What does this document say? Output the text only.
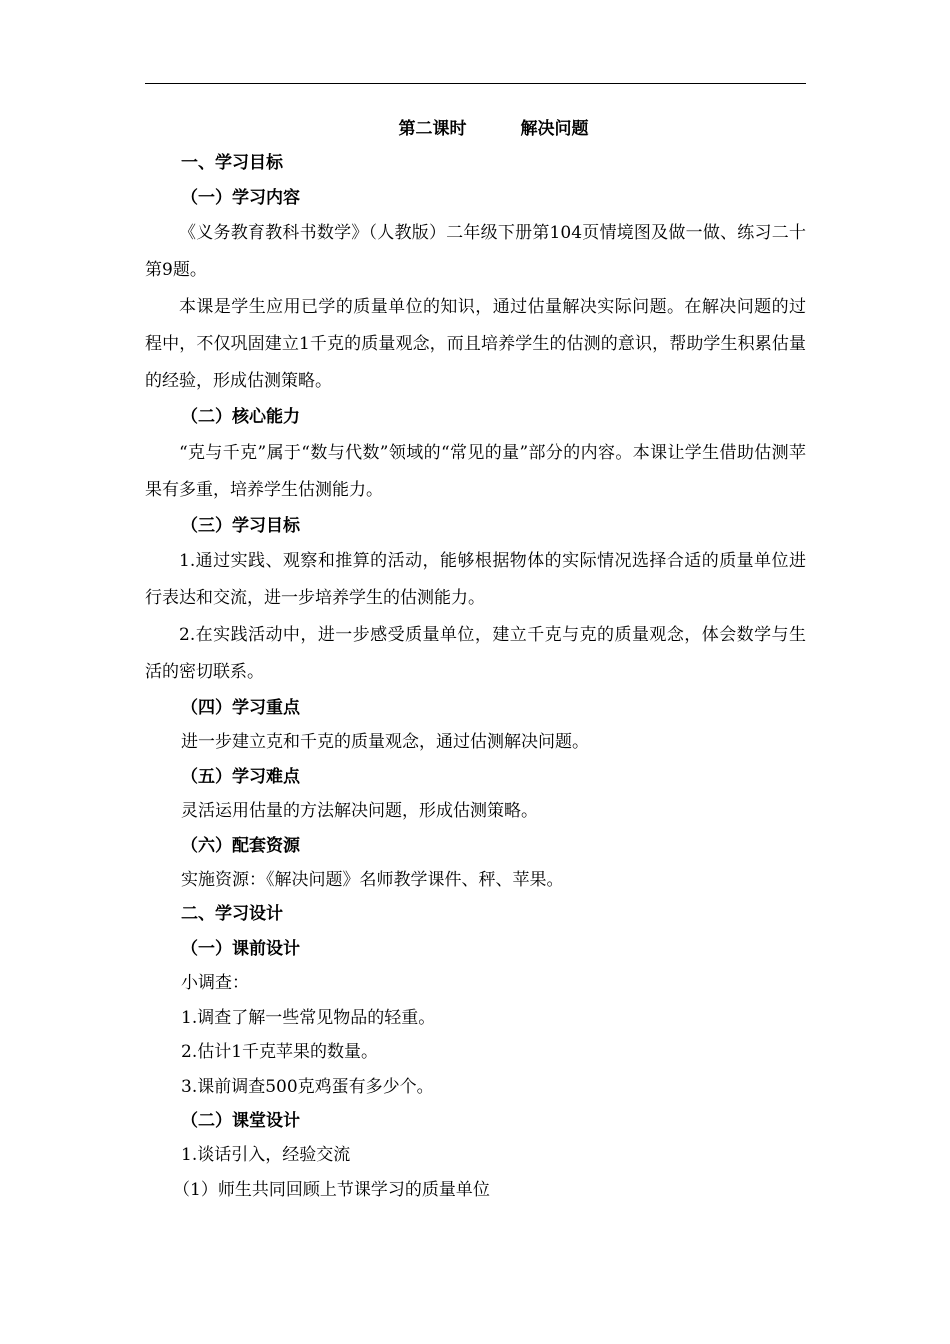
第二课时	解决问题
一、学习目标
（一）学习内容
《义务教育教科书数学》（人教版）二年级下册第104页情境图及做一做、练习二十第9题。
本课是学生应用已学的质量单位的知识，通过估量解决实际问题。在解决问题的过程中，不仅巩固建立1千克的质量观念，而且培养学生的估测的意识，帮助学生积累估量的经验，形成估测策略。
（二）核心能力
“克与千克”属于“数与代数”领域的“常见的量”部分的内容。本课让学生借助估测苹果有多重，培养学生估测能力。
（三）学习目标
1.通过实践、观察和推算的活动，能够根据物体的实际情况选择合适的质量单位进行表达和交流，进一步培养学生的估测能力。
2.在实践活动中，进一步感受质量单位，建立千克与克的质量观念，体会数学与生活的密切联系。
（四）学习重点
进一步建立克和千克的质量观念，通过估测解决问题。
（五）学习难点
灵活运用估量的方法解决问题，形成估测策略。
（六）配套资源
实施资源：《解决问题》名师教学课件、秤、苹果。
二、学习设计
（一）课前设计
小调查：
1.调查了解一些常见物品的轻重。
2.估计1千克苹果的数量。
3.课前调查500克鸡蛋有多少个。
（二）课堂设计
1.谈话引入，经验交流
（1）师生共同回顾上节课学习的质量单位
